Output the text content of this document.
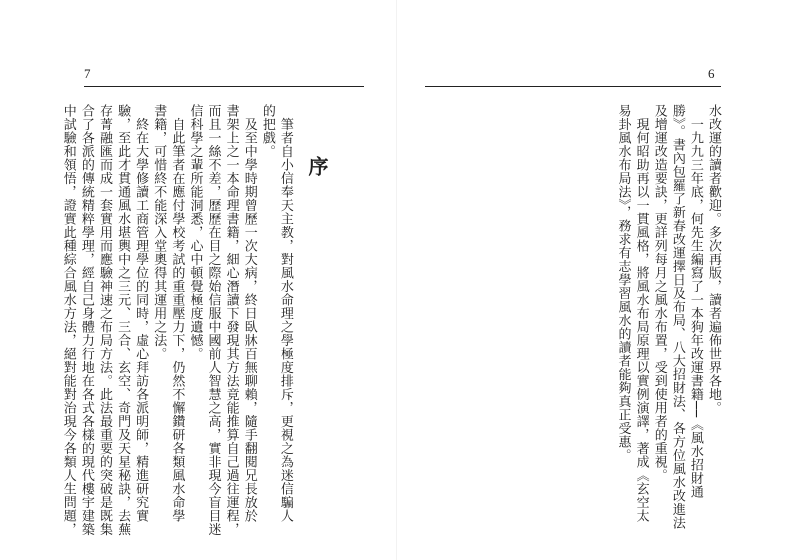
7
序
　筆者自小信奉天主教，對風水命理之學極度排斥，更視之為迷信騙人
的把戲。
　及至中學時期曾歷一次大病，終日臥牀百無聊賴，隨手翻閱兄長放於
書架上之一本命理書籍，細心潛讀下發現其方法竟能推算自己過往運程，
而且一絲不差，歷歷在目之際始信服中國前人智慧之高，實非現今盲目迷
信科學之輩所能洞悉，心中頓覺極度遺憾。
　自此筆者在應付學校考試的重重壓力下，仍然不懈鑽研各類風水命學
書籍，可惜終不能深入堂奧得其運用之法。
　終在大學修讀工商管理學位的同時，虛心拜訪各派明師，精進研究實
驗，至此才貫通風水堪輿中之三元、三合、玄空、奇門及天星秘訣，去蕪
存菁融匯而成一套實用而應驗神速之布局方法。此法最重要的突破是既集
合了各派的傳統精粹學理，經自己身體力行地在各式各樣的現代樓宇建築
中試驗和領悟，證實此種綜合風水方法，絕對能對治現今各類人生問題，
6
水改運的讀者歡迎。多次再版，讀者遍佈世界各地。
　一九九三年底，何先生編寫了一本狗年改運書籍──《風水招財通
勝》。書內包羅了新春改運擇日及布局、八大招財法、各方位風水改進法
及增運改造要訣，更詳列每月之風水布置，受到使用者的重視。
　現何昭助再以一貫風格，將風水布局原理以實例演譯，著成《玄空太
易卦風水布局法》，務求有志學習風水的讀者能夠真正受惠。
